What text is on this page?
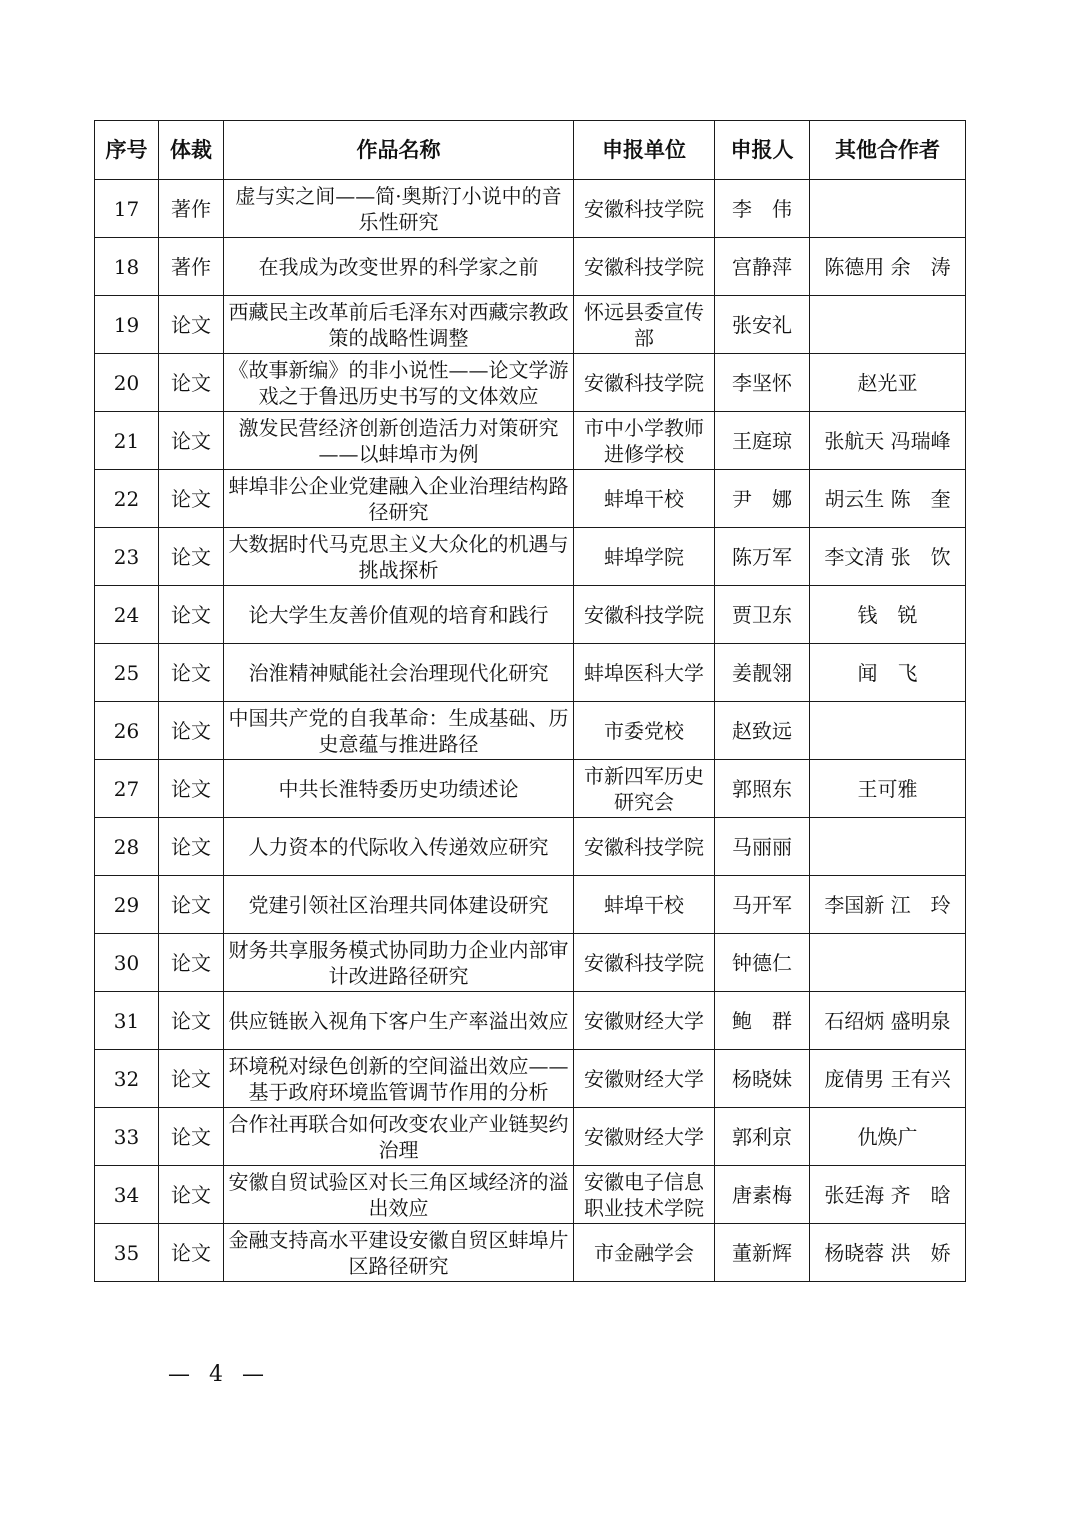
序号	体裁	作品名称	申报单位	申报人	其他合作者
17	著作	虚与实之间——简·奥斯汀小说中的音乐性研究	安徽科技学院	李　伟	
18	著作	在我成为改变世界的科学家之前	安徽科技学院	宫静萍	陈德用 余　涛
19	论文	西藏民主改革前后毛泽东对西藏宗教政策的战略性调整	怀远县委宣传部	张安礼	
20	论文	《故事新编》的非小说性——论文学游戏之于鲁迅历史书写的文体效应	安徽科技学院	李坚怀	赵光亚
21	论文	激发民营经济创新创造活力对策研究——以蚌埠市为例	市中小学教师进修学校	王庭琼	张航天 冯瑞峰
22	论文	蚌埠非公企业党建融入企业治理结构路径研究	蚌埠干校	尹　娜	胡云生 陈　奎
23	论文	大数据时代马克思主义大众化的机遇与挑战探析	蚌埠学院	陈万军	李文清 张　饮
24	论文	论大学生友善价值观的培育和践行	安徽科技学院	贾卫东	钱　锐
25	论文	治淮精神赋能社会治理现代化研究	蚌埠医科大学	姜靓翎	闻　飞
26	论文	中国共产党的自我革命：生成基础、历史意蕴与推进路径	市委党校	赵致远	
27	论文	中共长淮特委历史功绩述论	市新四军历史研究会	郭照东	王可雅
28	论文	人力资本的代际收入传递效应研究	安徽科技学院	马丽丽	
29	论文	党建引领社区治理共同体建设研究	蚌埠干校	马开军	李国新 江　玲
30	论文	财务共享服务模式协同助力企业内部审计改进路径研究	安徽科技学院	钟德仁	
31	论文	供应链嵌入视角下客户生产率溢出效应	安徽财经大学	鲍　群	石绍炳 盛明泉
32	论文	环境税对绿色创新的空间溢出效应——基于政府环境监管调节作用的分析	安徽财经大学	杨晓妹	庞倩男 王有兴
33	论文	合作社再联合如何改变农业产业链契约治理	安徽财经大学	郭利京	仇焕广
34	论文	安徽自贸试验区对长三角区域经济的溢出效应	安徽电子信息职业技术学院	唐素梅	张廷海 齐　晗
35	论文	金融支持高水平建设安徽自贸区蚌埠片区路径研究	市金融学会	董新辉	杨晓蓉 洪　娇
— 4 —
